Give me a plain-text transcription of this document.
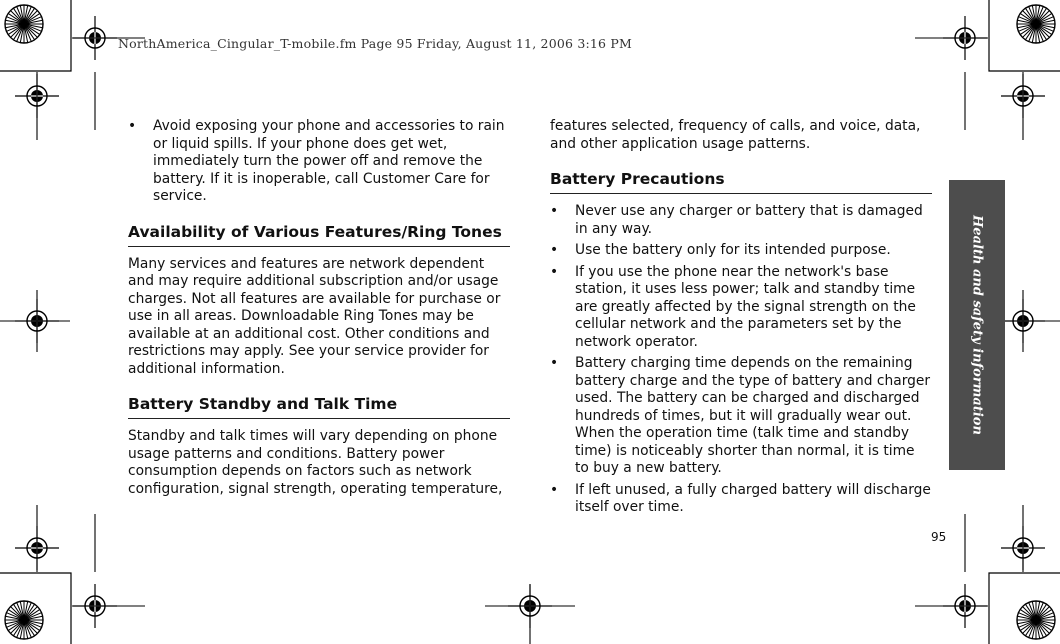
NorthAmerica_Cingular_T-mobile.fm Page 95 Friday, August 11, 2006 3:16 PM
• Avoid exposing your phone and accessories to rain or liquid spills. If your phone does get wet, immediately turn the power off and remove the battery. If it is inoperable, call Customer Care for service.
Availability of Various Features/Ring Tones

Many services and features are network dependent and may require additional subscription and/or usage charges. Not all features are available for purchase or use in all areas. Downloadable Ring Tones may be available at an additional cost. Other conditions and restrictions may apply. See your service provider for additional information.

Battery Standby and Talk Time

Standby and talk times will vary depending on phone usage patterns and conditions. Battery power consumption depends on factors such as network configuration, signal strength, operating temperature,

features selected, frequency of calls, and voice, data, and other application usage patterns.

Battery Precautions
• Never use any charger or battery that is damaged in any way.
• Use the battery only for its intended purpose.
• If you use the phone near the network's base station, it uses less power; talk and standby time are greatly affected by the signal strength on the cellular network and the parameters set by the network operator.
• Battery charging time depends on the remaining battery charge and the type of battery and charger used. The battery can be charged and discharged hundreds of times, but it will gradually wear out. When the operation time (talk time and standby time) is noticeably shorter than normal, it is time to buy a new battery.
• If left unused, a fully charged battery will discharge itself over time.
Health and safety information
95
